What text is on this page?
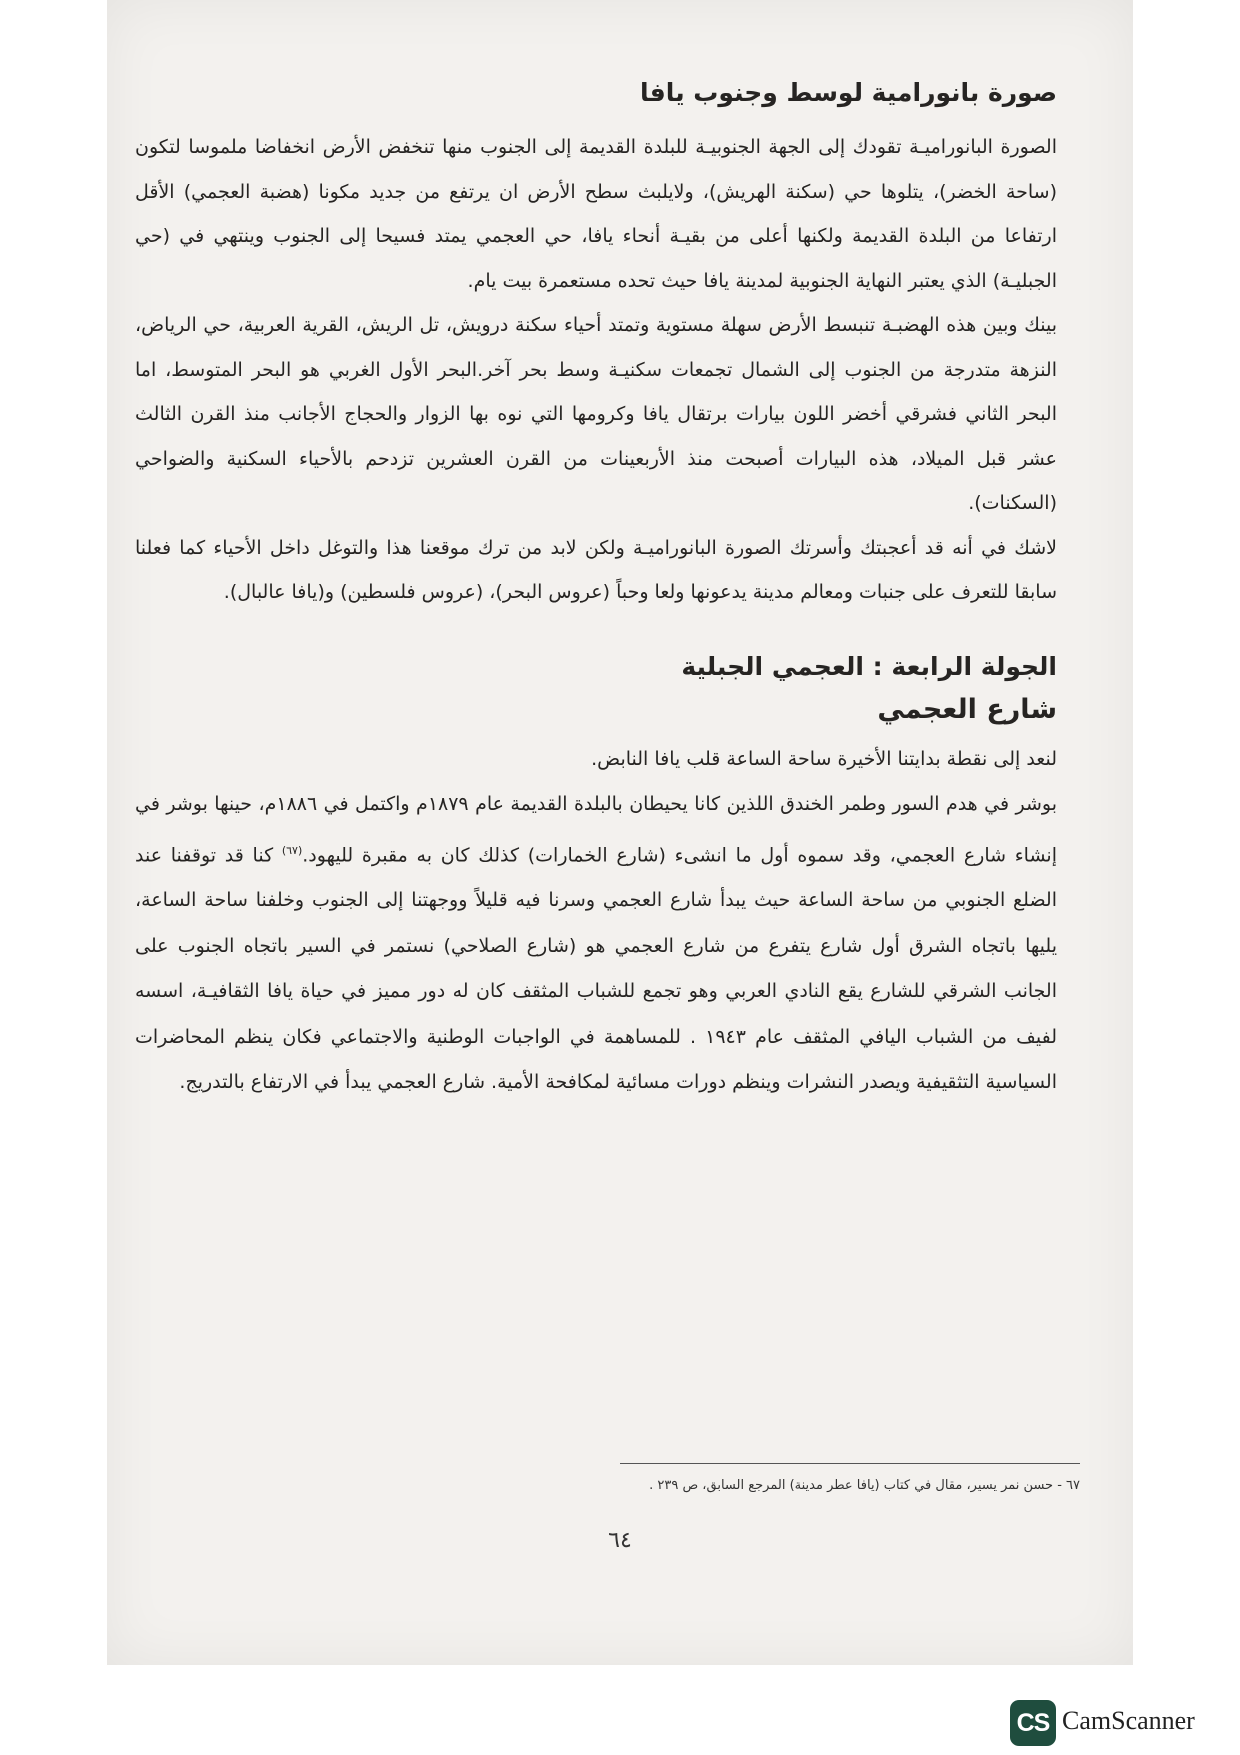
صورة بانورامية لوسط وجنوب يافا

الصورة البانوراميـة تقودك إلى الجهة الجنوبيـة للبلدة القديمة إلى الجنوب منها تنخفض الأرض انخفاضا ملموسا لتكون (ساحة الخضر)، يتلوها حي (سكنة الهريش)، ولايلبث سطح الأرض ان يرتفع من جديد مكونا (هضبة العجمي) الأقل ارتفاعا من البلدة القديمة ولكنها أعلى من بقيـة أنحاء يافا، حي العجمي يمتد فسيحا إلى الجنوب وينتهي في (حي الجبليـة) الذي يعتبر النهاية الجنوبية لمدينة يافا حيث تحده مستعمرة بيت يام.

بينك وبين هذه الهضبـة تنبسط الأرض سهلة مستوية وتمتد أحياء سكنة درويش، تل الريش، القرية العربية، حي الرياض، النزهة متدرجة من الجنوب إلى الشمال تجمعات سكنيـة وسط بحر آخر.البحر الأول الغربي هو البحر المتوسط، اما البحر الثاني فشرقي أخضر اللون بيارات برتقال يافا وكرومها التي نوه بها الزوار والحجاج الأجانب منذ القرن الثالث عشر قبل الميلاد، هذه البيارات أصبحت منذ الأربعينات من القرن العشرين تزدحم بالأحياء السكنية والضواحي (السكنات).

لاشك في أنه قد أعجبتك وأسرتك الصورة البانوراميـة ولكن لابد من ترك موقعنا هذا والتوغل داخل الأحياء كما فعلنا سابقا للتعرف على جنبات ومعالم مدينة يدعونها ولعا وحباً (عروس البحر)، (عروس فلسطين) و(يافا عالبال).

الجولة الرابعة : العجمي الجبلية
شارع العجمي

لنعد إلى نقطة بدايتنا الأخيرة ساحة الساعة قلب يافا النابض.

بوشر في هدم السور وطمر الخندق اللذين كانا يحيطان بالبلدة القديمة عام ١٨٧٩م واكتمل في ١٨٨٦م، حينها بوشر في إنشاء شارع العجمي، وقد سموه أول ما انشىء (شارع الخمارات) كذلك كان به مقبرة لليهود.$^{(٦٧)}$ كنا قد توقفنا عند الضلع الجنوبي من ساحة الساعة حيث يبدأ شارع العجمي وسرنا فيه قليلاً ووجهتنا إلى الجنوب وخلفنا ساحة الساعة، يليها باتجاه الشرق أول شارع يتفرع من شارع العجمي هو (شارع الصلاحي) نستمر في السير باتجاه الجنوب على الجانب الشرقي للشارع يقع النادي العربي وهو تجمع للشباب المثقف كان له دور مميز في حياة يافا الثقافيـة، اسسه لفيف من الشباب اليافي المثقف عام ١٩٤٣ . للمساهمة في الواجبات الوطنية والاجتماعي فكان ينظم المحاضرات السياسية التثقيفية ويصدر النشرات وينظم دورات مسائية لمكافحة الأمية. شارع العجمي يبدأ في الارتفاع بالتدريج.

٦٧ - حسن نمر يسير، مقال في كتاب (يافا عطر مدينة) المرجع السابق، ص ٢٣٩ .
٦٤
CS CamScanner
